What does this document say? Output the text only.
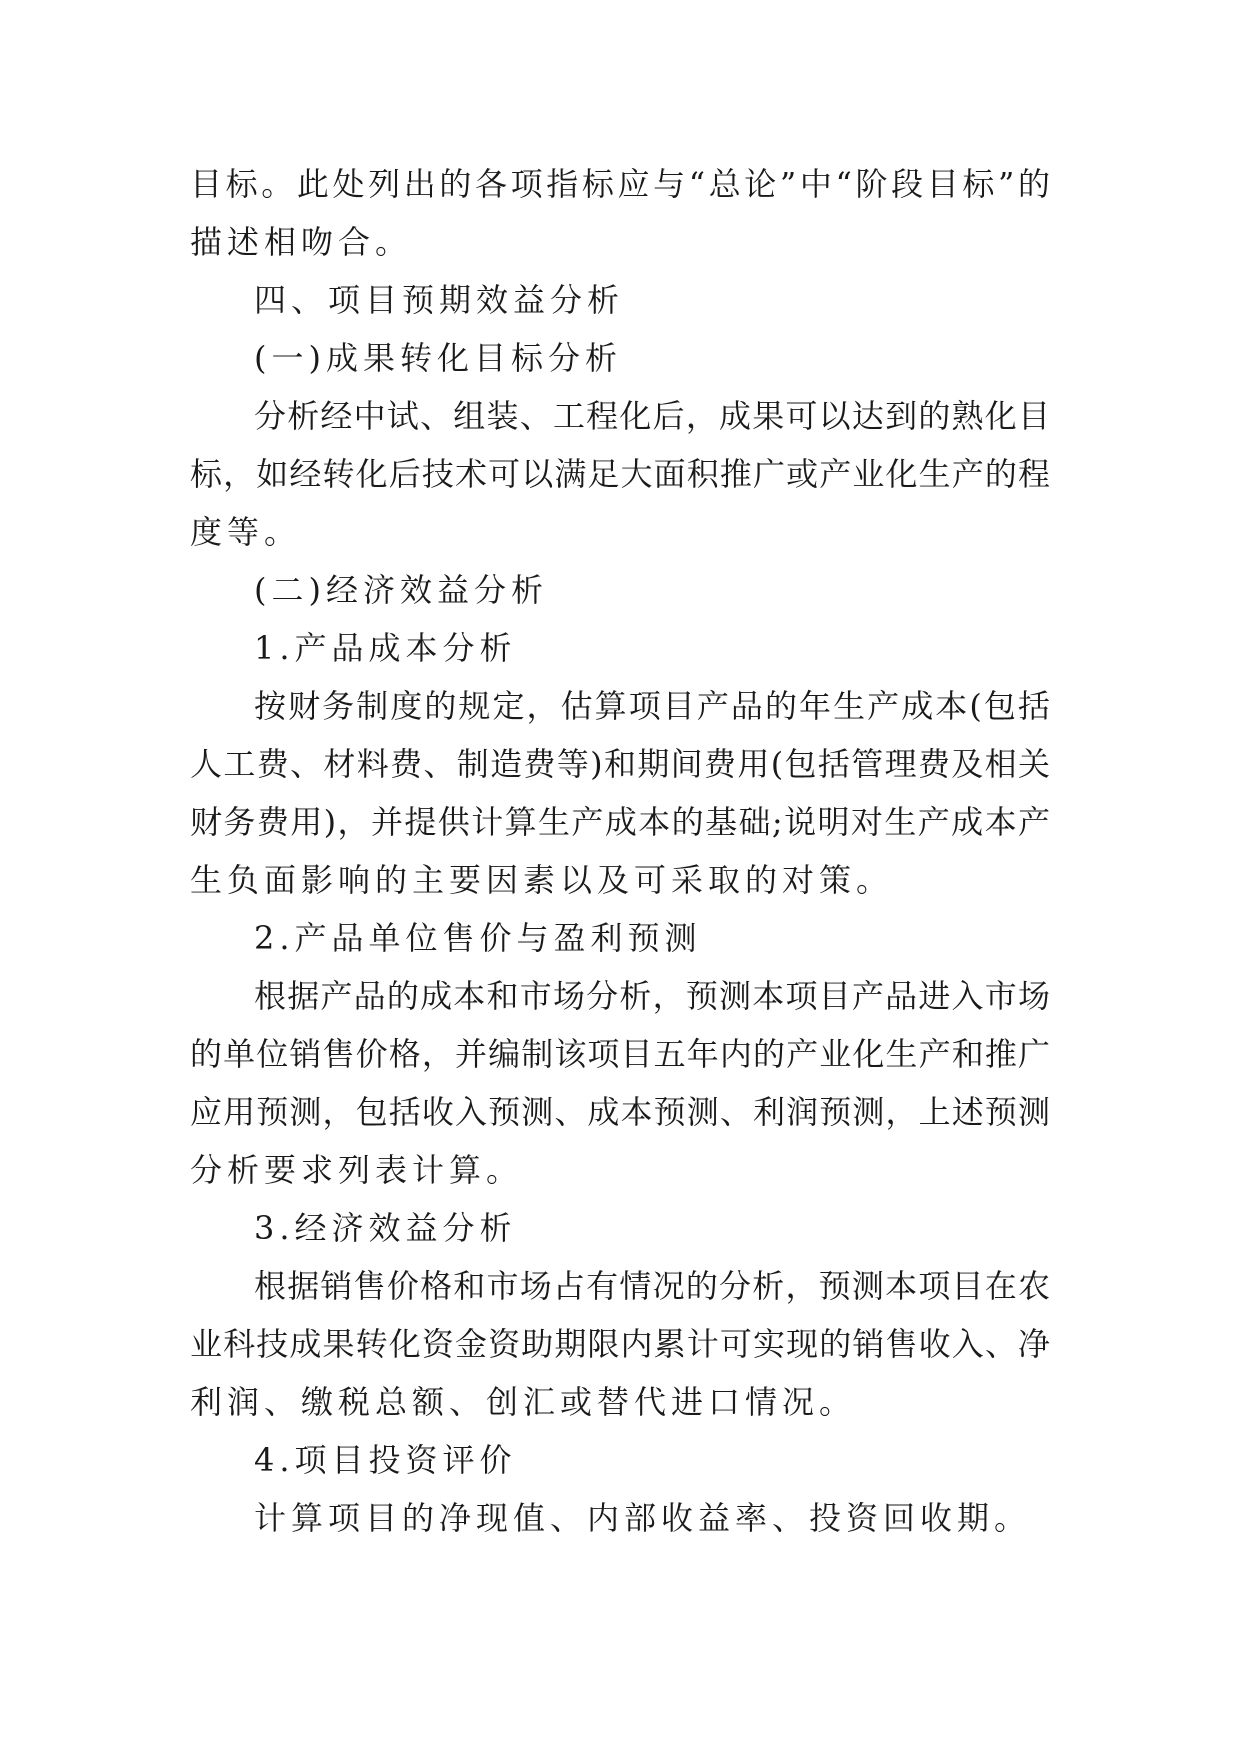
目标。此处列出的各项指标应与“总论”中“阶段目标”的
描述相吻合。
四、项目预期效益分析
(一)成果转化目标分析
分析经中试、组装、工程化后，成果可以达到的熟化目
标，如经转化后技术可以满足大面积推广或产业化生产的程
度等。
(二)经济效益分析
1.产品成本分析
按财务制度的规定，估算项目产品的年生产成本(包括
人工费、材料费、制造费等)和期间费用(包括管理费及相关
财务费用)，并提供计算生产成本的基础;说明对生产成本产
生负面影响的主要因素以及可采取的对策。
2.产品单位售价与盈利预测
根据产品的成本和市场分析，预测本项目产品进入市场
的单位销售价格，并编制该项目五年内的产业化生产和推广
应用预测，包括收入预测、成本预测、利润预测，上述预测
分析要求列表计算。
3.经济效益分析
根据销售价格和市场占有情况的分析，预测本项目在农
业科技成果转化资金资助期限内累计可实现的销售收入、净
利润、缴税总额、创汇或替代进口情况。
4.项目投资评价
计算项目的净现值、内部收益率、投资回收期。
